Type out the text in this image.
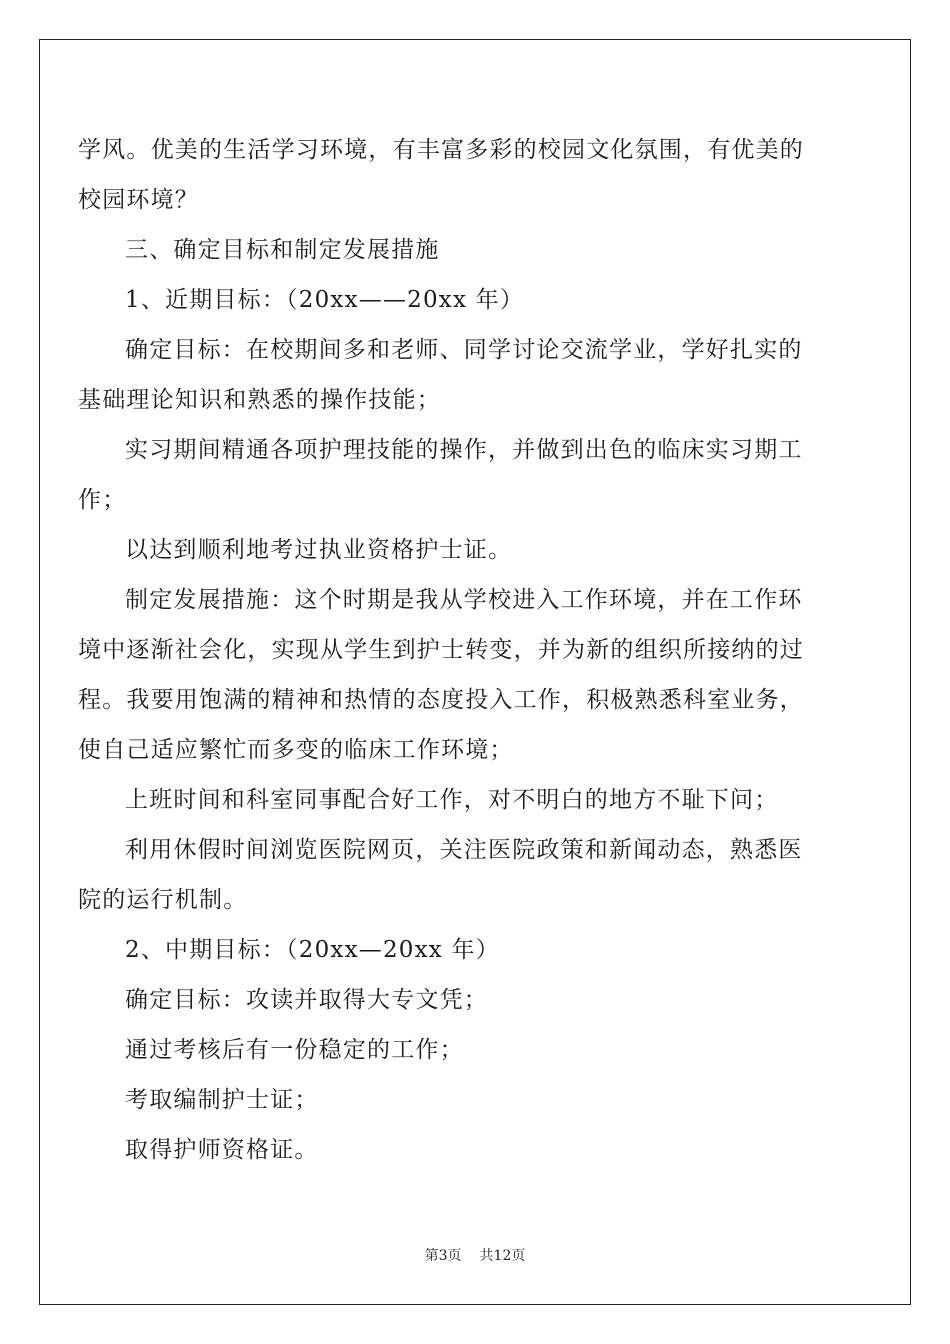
学风。优美的生活学习环境，有丰富多彩的校园文化氛围，有优美的
校园环境？
三、确定目标和制定发展措施
1、近期目标：（20xx——20xx 年）
确定目标：在校期间多和老师、同学讨论交流学业，学好扎实的
基础理论知识和熟悉的操作技能；
实习期间精通各项护理技能的操作，并做到出色的临床实习期工
作；
以达到顺利地考过执业资格护士证。
制定发展措施：这个时期是我从学校进入工作环境，并在工作环
境中逐渐社会化，实现从学生到护士转变，并为新的组织所接纳的过
程。我要用饱满的精神和热情的态度投入工作，积极熟悉科室业务，
使自己适应繁忙而多变的临床工作环境；
上班时间和科室同事配合好工作，对不明白的地方不耻下问；
利用休假时间浏览医院网页，关注医院政策和新闻动态，熟悉医
院的运行机制。
2、中期目标：（20xx—20xx 年）
确定目标：攻读并取得大专文凭；
通过考核后有一份稳定的工作；
考取编制护士证；
取得护师资格证。
第3页 共12页
